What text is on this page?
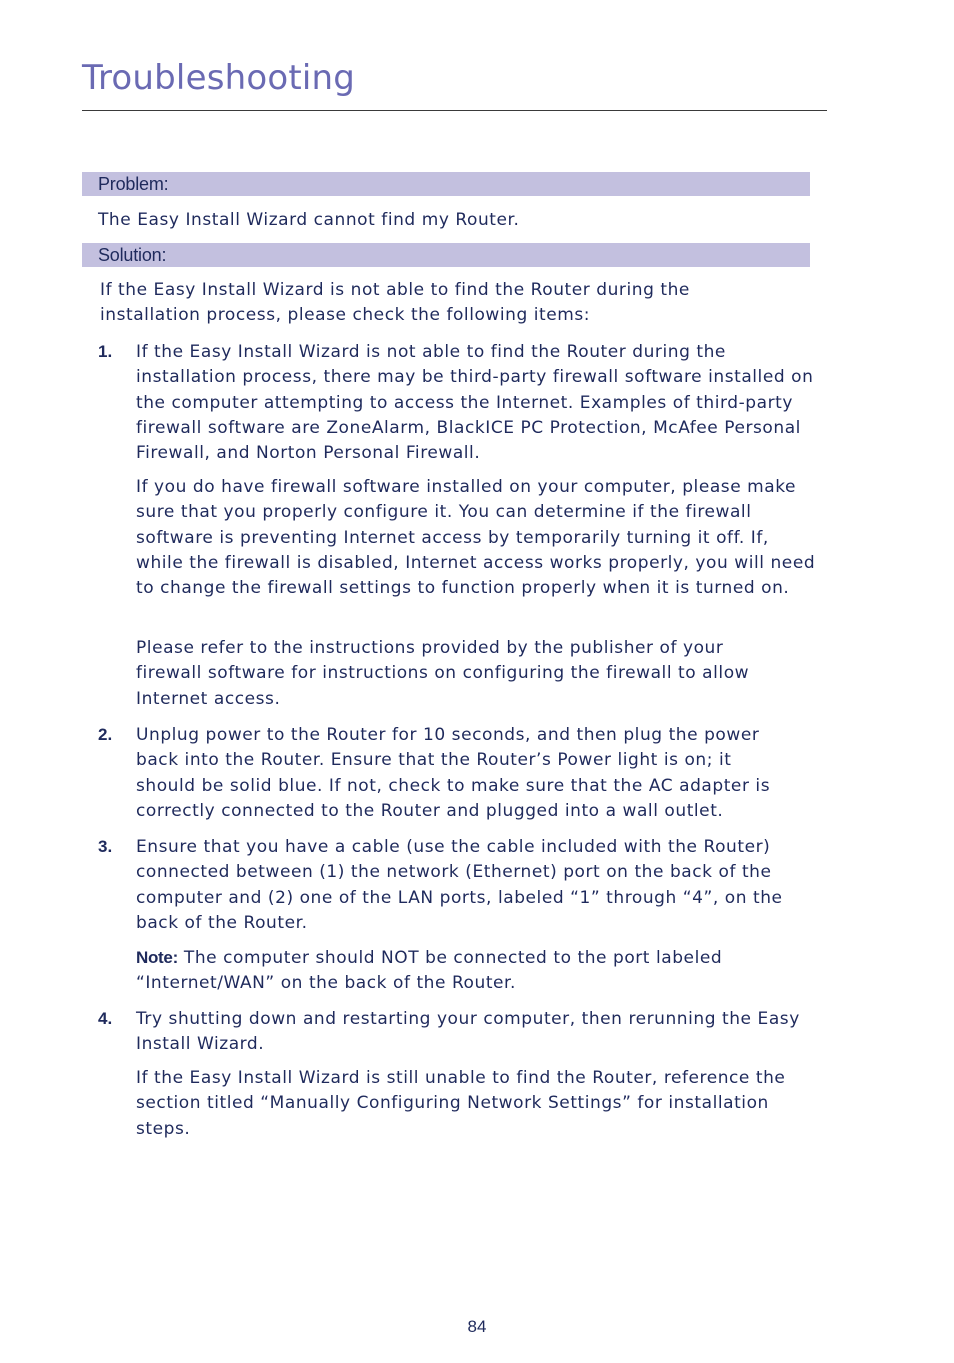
Troubleshooting
Problem:

The Easy Install Wizard cannot find my Router.

Solution:

If the Easy Install Wizard is not able to find the Router during the installation process, please check the following items:

1. If the Easy Install Wizard is not able to find the Router during the installation process, there may be third-party firewall software installed on the computer attempting to access the Internet. Examples of third-party firewall software are ZoneAlarm, BlackICE PC Protection, McAfee Personal Firewall, and Norton Personal Firewall.

If you do have firewall software installed on your computer, please make sure that you properly configure it. You can determine if the firewall software is preventing Internet access by temporarily turning it off. If, while the firewall is disabled, Internet access works properly, you will need to change the firewall settings to function properly when it is turned on.

Please refer to the instructions provided by the publisher of your firewall software for instructions on configuring the firewall to allow Internet access.

2. Unplug power to the Router for 10 seconds, and then plug the power back into the Router. Ensure that the Router’s Power light is on; it should be solid blue. If not, check to make sure that the AC adapter is correctly connected to the Router and plugged into a wall outlet.

3. Ensure that you have a cable (use the cable included with the Router) connected between (1) the network (Ethernet) port on the back of the computer and (2) one of the LAN ports, labeled “1” through “4”, on the back of the Router.

Note: The computer should NOT be connected to the port labeled “Internet/WAN” on the back of the Router.

4. Try shutting down and restarting your computer, then rerunning the Easy Install Wizard.

If the Easy Install Wizard is still unable to find the Router, reference the section titled “Manually Configuring Network Settings” for installation steps.

84
